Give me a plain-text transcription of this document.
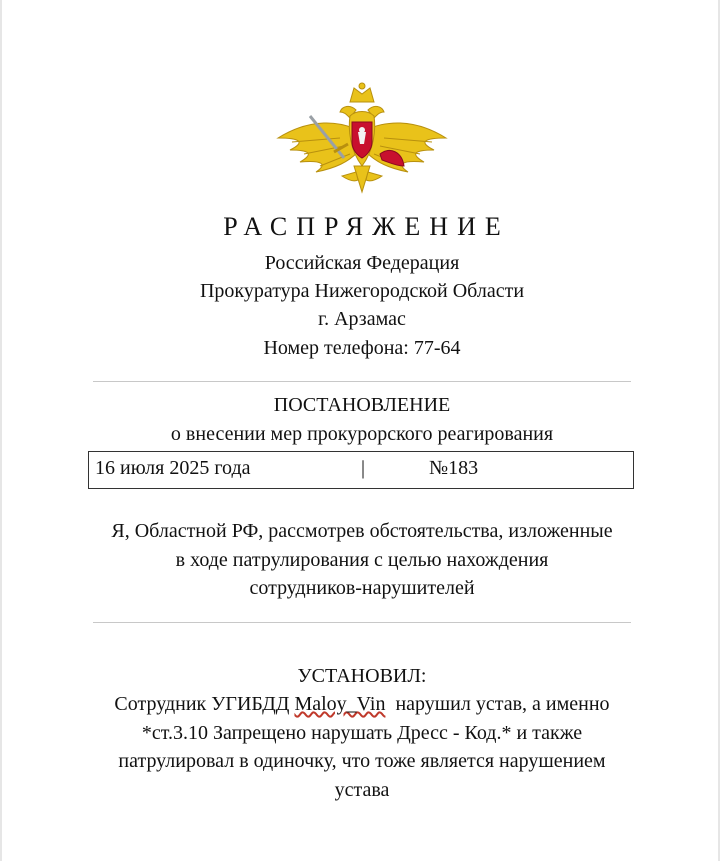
РАСПРЯЖЕНИЕ
Российская Федерация
Прокуратура Нижегородской Области
г. Арзамас
Номер телефона: 77-64
ПОСТАНОВЛЕНИЕ
о внесении мер прокурорского реагирования
16 июля 2025 года	|	№183
Я, Областной РФ, рассмотрев обстоятельства, изложенные
в ходе патрулирования с целью нахождения
сотрудников-нарушителей
УСТАНОВИЛ:
Сотрудник УГИБДД Maloy_Vin  нарушил устав, а именно
*ст.3.10 Запрещено нарушать Дресс - Код.* и также
патрулировал в одиночку, что тоже является нарушением
устава
